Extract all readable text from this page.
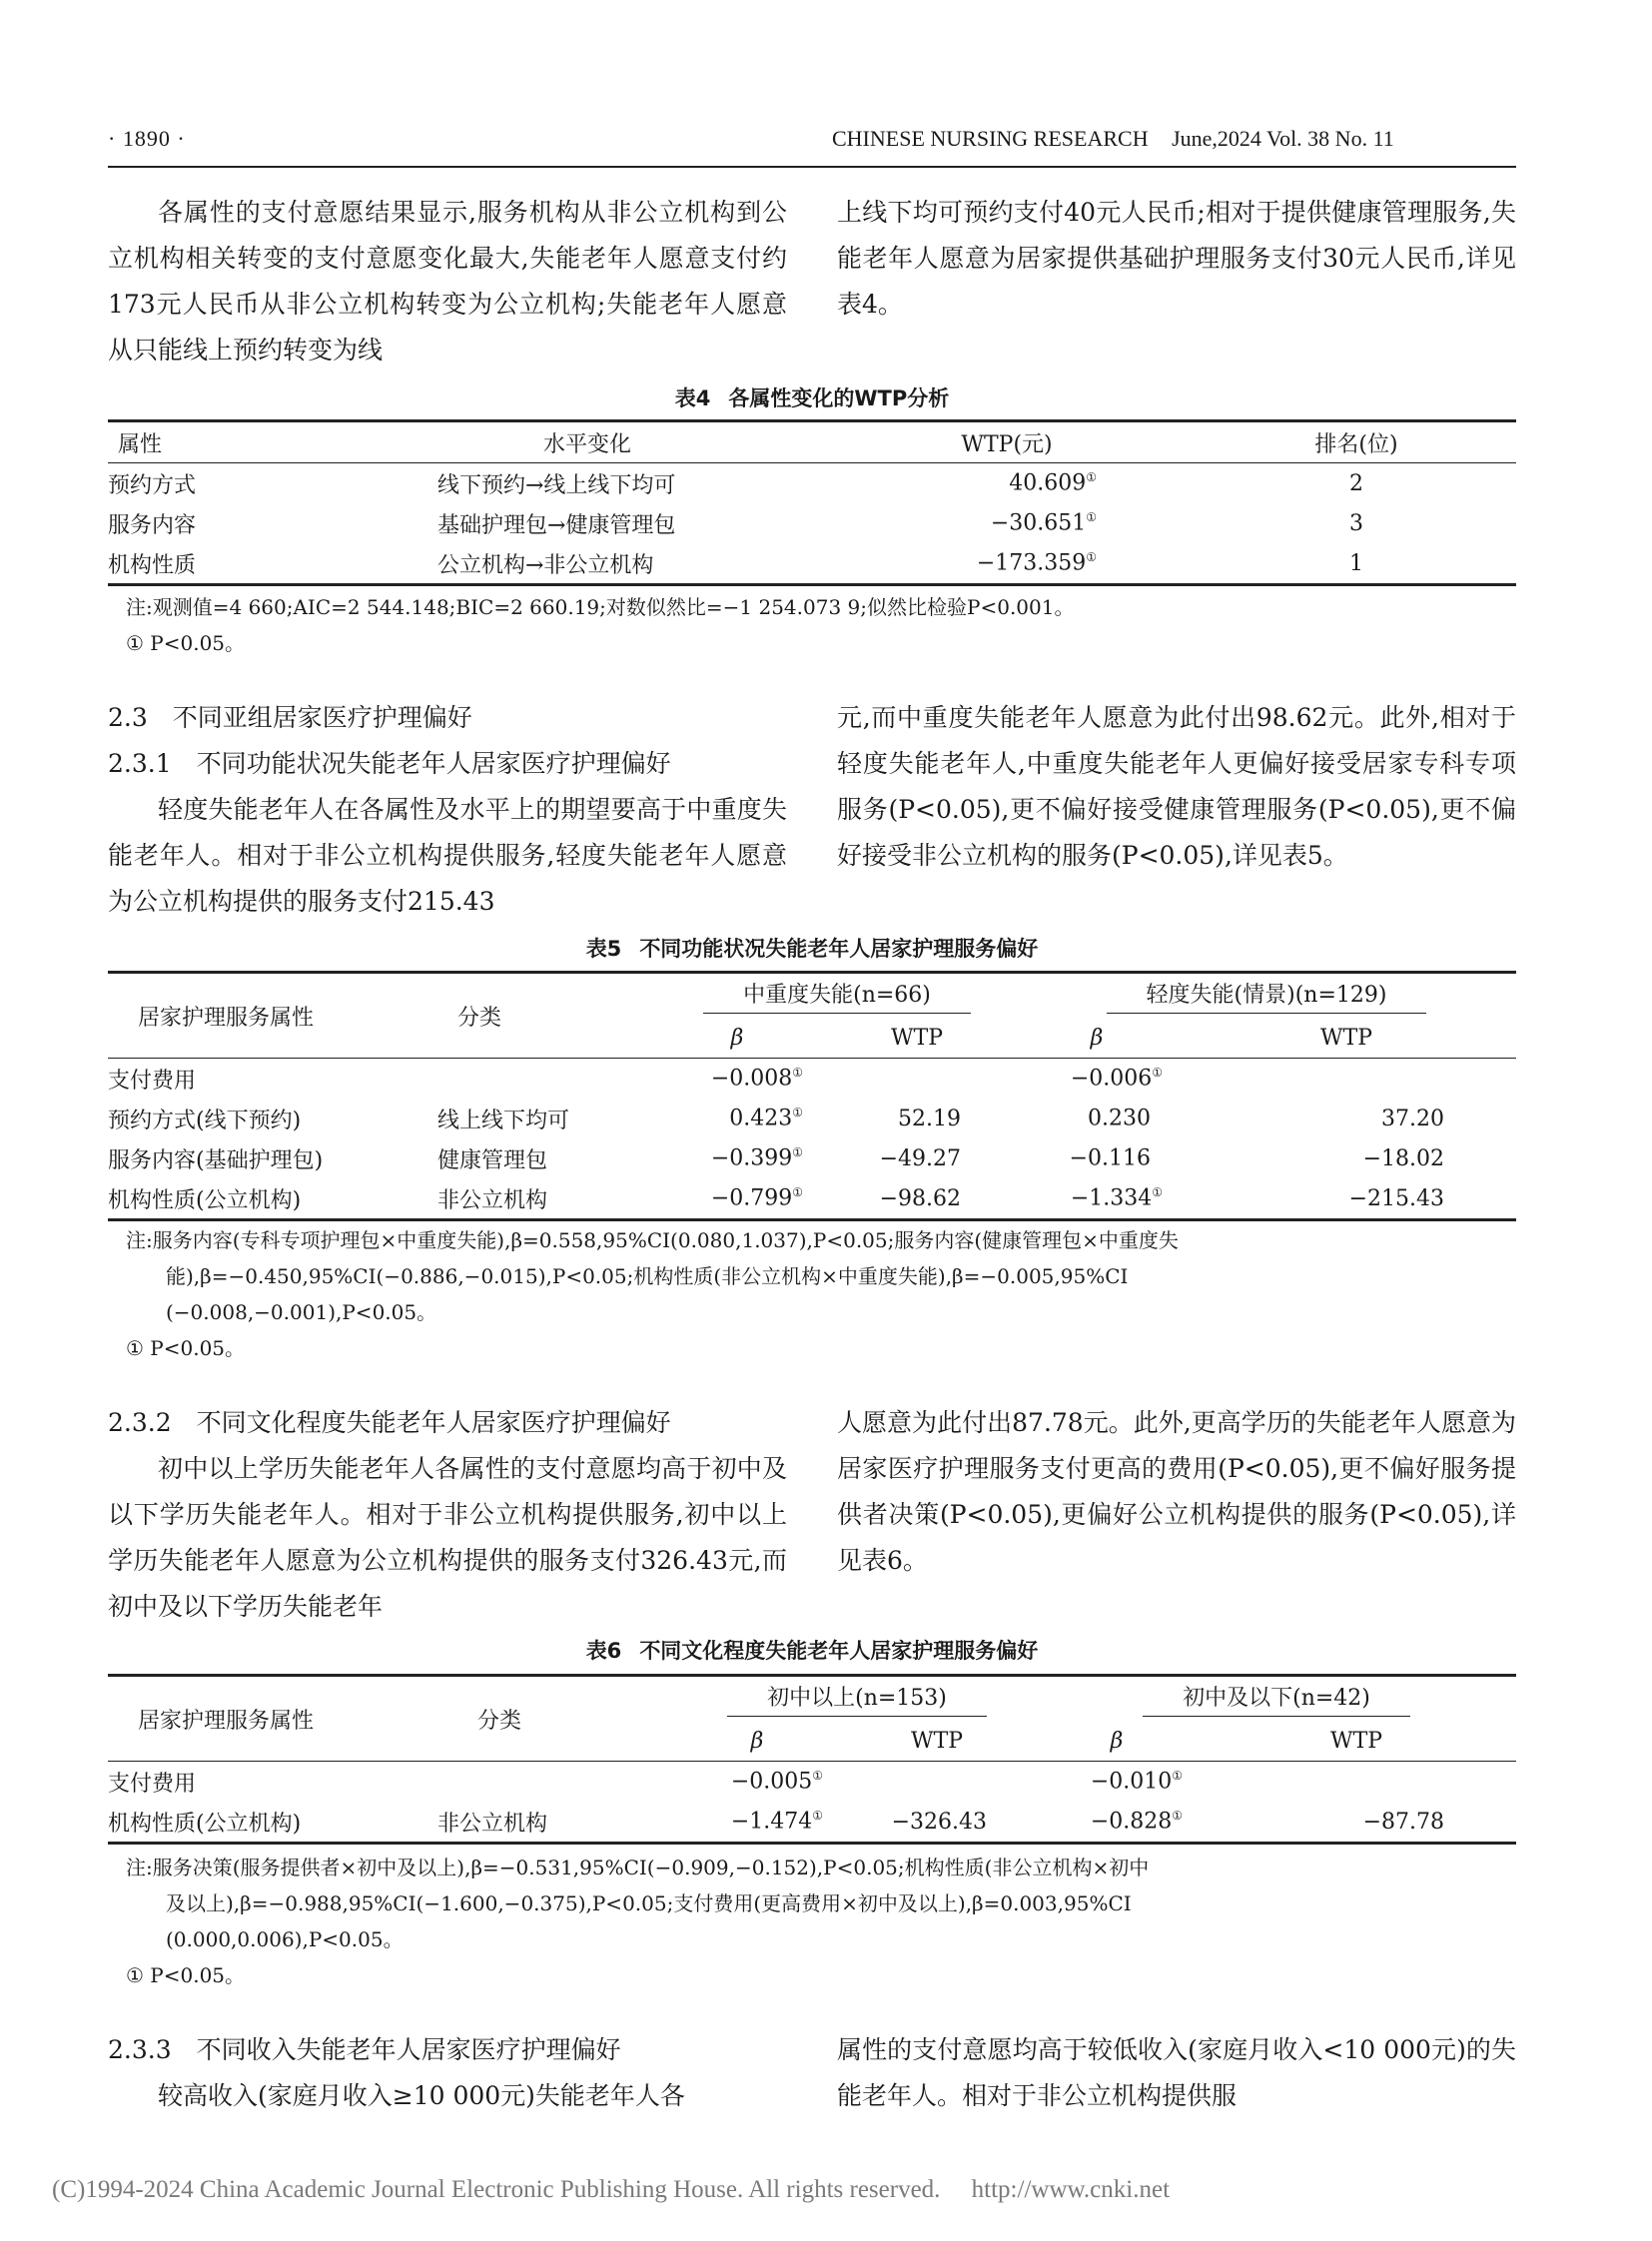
· 1890 ·	CHINESE NURSING RESEARCH June,2024 Vol. 38 No. 11

各属性的支付意愿结果显示,服务机构从非公立机构到公立机构相关转变的支付意愿变化最大,失能老年人愿意支付约173元人民币从非公立机构转变为公立机构;失能老年人愿意从只能线上预约转变为线

上线下均可预约支付40元人民币;相对于提供健康管理服务,失能老年人愿意为居家提供基础护理服务支付30元人民币,详见表4。

表4 各属性变化的WTP分析
属性	水平变化	WTP(元)	排名(位)
预约方式	线下预约→线上线下均可	40.609①	2
服务内容	基础护理包→健康管理包	−30.651①	3
机构性质	公立机构→非公立机构	−173.359①	1
注:观测值=4 660;AIC=2 544.148;BIC=2 660.19;对数似然比=−1 254.073 9;似然比检验P<0.001。
① P<0.05。
2.3　不同亚组居家医疗护理偏好
2.3.1　不同功能状况失能老年人居家医疗护理偏好

轻度失能老年人在各属性及水平上的期望要高于中重度失能老年人。相对于非公立机构提供服务,轻度失能老年人愿意为公立机构提供的服务支付215.43

元,而中重度失能老年人愿意为此付出98.62元。此外,相对于轻度失能老年人,中重度失能老年人更偏好接受居家专科专项服务(P<0.05),更不偏好接受健康管理服务(P<0.05),更不偏好接受非公立机构的服务(P<0.05),详见表5。

表5 不同功能状况失能老年人居家护理服务偏好
居家护理服务属性	分类	中重度失能(n=66)		轻度失能(情景)(n=129)	
		β	WTP	β	WTP
支付费用		−0.008①		−0.006①	
预约方式(线下预约)	线上线下均可	0.423①	52.19	0.230	37.20
服务内容(基础护理包)	健康管理包	−0.399①	−49.27	−0.116	−18.02
机构性质(公立机构)	非公立机构	−0.799①	−98.62	−1.334①	−215.43
注:服务内容(专科专项护理包×中重度失能),β=0.558,95%CI(0.080,1.037),P<0.05;服务内容(健康管理包×中重度失
能),β=−0.450,95%CI(−0.886,−0.015),P<0.05;机构性质(非公立机构×中重度失能),β=−0.005,95%CI
(−0.008,−0.001),P<0.05。
① P<0.05。
2.3.2　不同文化程度失能老年人居家医疗护理偏好

初中以上学历失能老年人各属性的支付意愿均高于初中及以下学历失能老年人。相对于非公立机构提供服务,初中以上学历失能老年人愿意为公立机构提供的服务支付326.43元,而初中及以下学历失能老年

人愿意为此付出87.78元。此外,更高学历的失能老年人愿意为居家医疗护理服务支付更高的费用(P<0.05),更不偏好服务提供者决策(P<0.05),更偏好公立机构提供的服务(P<0.05),详见表6。

表6 不同文化程度失能老年人居家护理服务偏好
居家护理服务属性	分类	初中以上(n=153)		初中及以下(n=42)	
		β	WTP	β	WTP
支付费用		−0.005①		−0.010①	
机构性质(公立机构)	非公立机构	−1.474①	−326.43	−0.828①	−87.78
注:服务决策(服务提供者×初中及以上),β=−0.531,95%CI(−0.909,−0.152),P<0.05;机构性质(非公立机构×初中
及以上),β=−0.988,95%CI(−1.600,−0.375),P<0.05;支付费用(更高费用×初中及以上),β=0.003,95%CI
(0.000,0.006),P<0.05。
① P<0.05。
2.3.3　不同收入失能老年人居家医疗护理偏好

较高收入(家庭月收入≥10 000元)失能老年人各

属性的支付意愿均高于较低收入(家庭月收入<10 000元)的失能老年人。相对于非公立机构提供服

(C)1994-2024 China Academic Journal Electronic Publishing House. All rights reserved.　 http://www.cnki.net
